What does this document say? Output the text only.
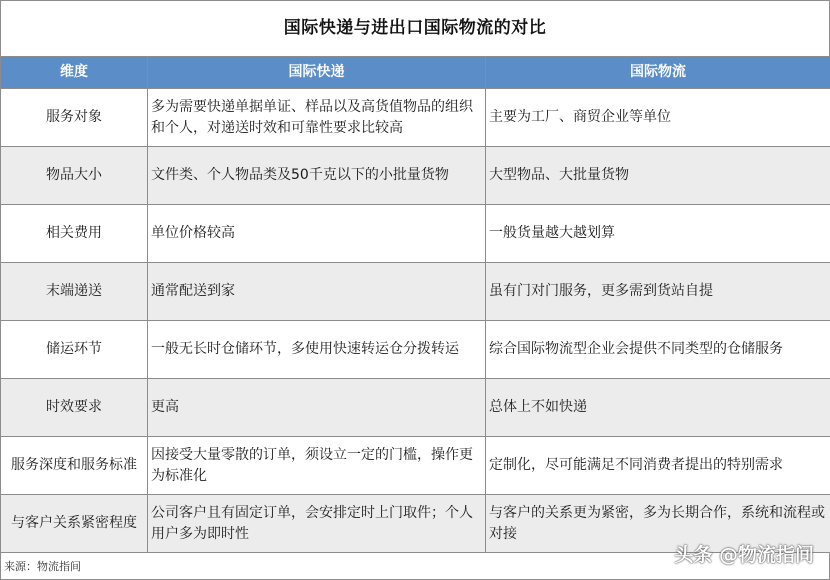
国际快递与进出口国际物流的对比
维度	国际快递	国际物流
服务对象	多为需要快递单据单证、样品以及高货值物品的组织和个人，对递送时效和可靠性要求比较高	主要为工厂、商贸企业等单位
物品大小	文件类、个人物品类及50千克以下的小批量货物	大型物品、大批量货物
相关费用	单位价格较高	一般货量越大越划算
末端递送	通常配送到家	虽有门对门服务，更多需到货站自提
储运环节	一般无长时仓储环节，多使用快速转运仓分拨转运	综合国际物流型企业会提供不同类型的仓储服务
时效要求	更高	总体上不如快递
服务深度和服务标准	因接受大量零散的订单，须设立一定的门槛，操作更为标准化	定制化，尽可能满足不同消费者提出的特别需求
与客户关系紧密程度	公司客户且有固定订单，会安排定时上门取件；个人用户多为即时性	与客户的关系更为紧密，多为长期合作，系统和流程或对接
来源：物流指间
头条 @物流指间
